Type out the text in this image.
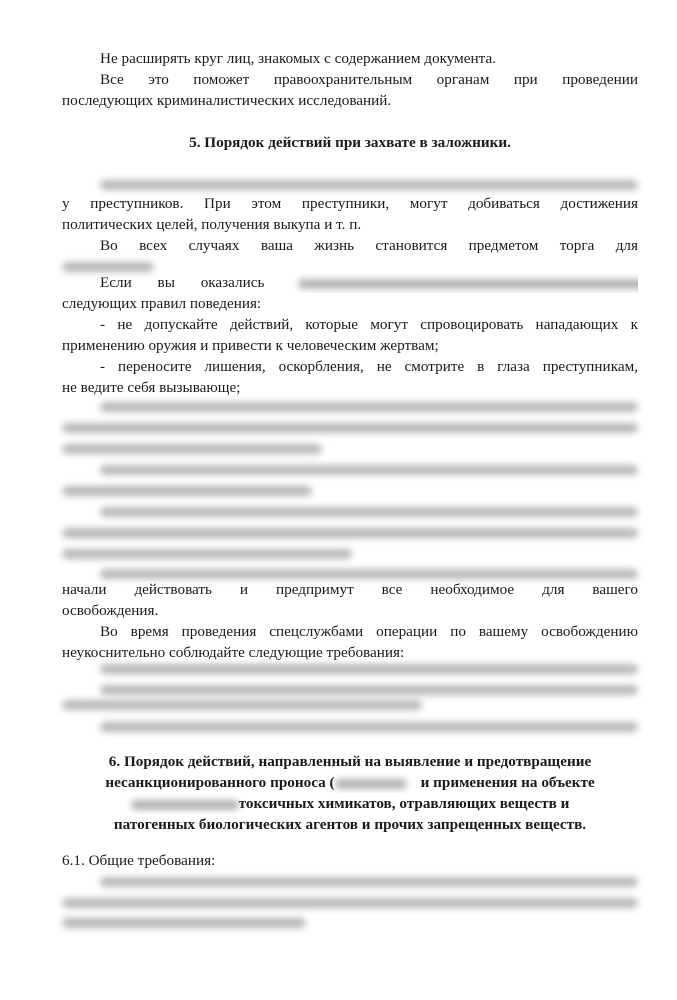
Не расширять круг лиц, знакомых с содержанием документа.
Все это поможет правоохранительным органам при проведении
последующих криминалистических исследований.
5. Порядок действий при захвате в заложники.
у преступников. При этом преступники, могут добиваться достижения
политических целей, получения выкупа и т. п.
Во всех случаях ваша жизнь становится предметом торга для
Если вы оказались
следующих правил поведения:
- не допускайте действий, которые могут спровоцировать нападающих к
применению оружия и привести к человеческим жертвам;
- переносите лишения, оскорбления, не смотрите в глаза преступникам,
не ведите себя вызывающе;
начали действовать и предпримут все необходимое для вашего
освобождения.
Во время проведения спецслужбами операции по вашему освобождению
неукоснительно соблюдайте следующие требования:
6. Порядок действий, направленный на выявление и предотвращение
несанкционированного проноса (	и применения на объекте
токсичных химикатов, отравляющих веществ и
патогенных биологических агентов и прочих запрещенных веществ.
6.1. Общие требования:
